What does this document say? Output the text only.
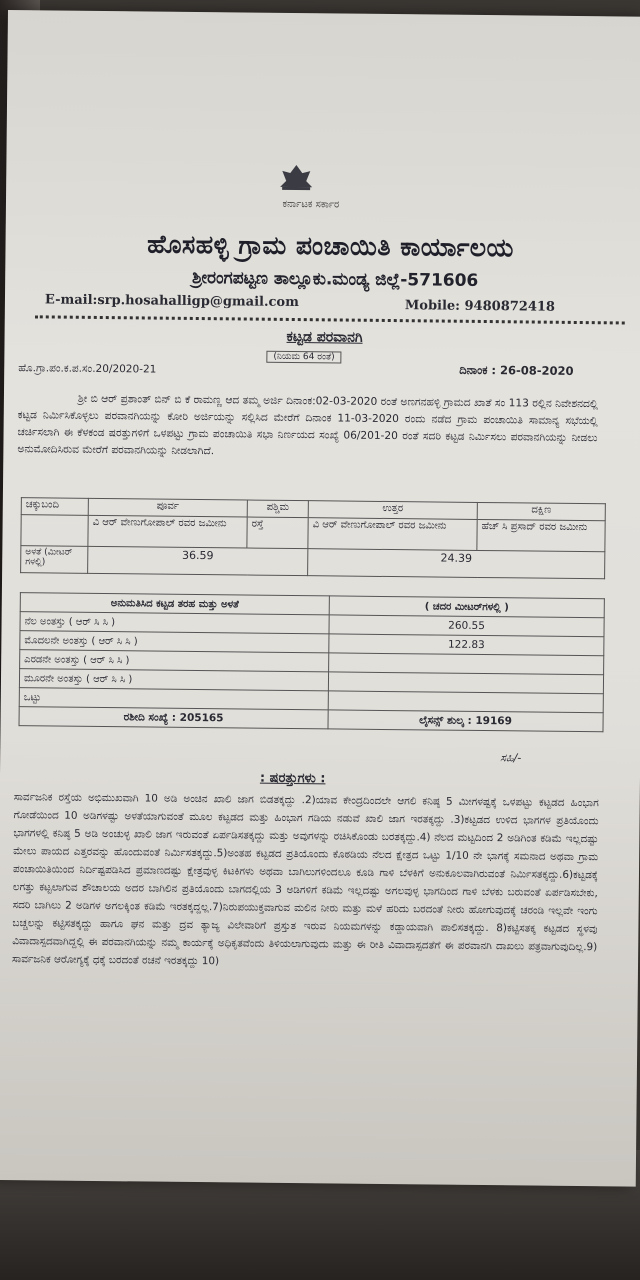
ಕರ್ನಾಟಕ ಸರ್ಕಾರ
ಹೊಸಹಳ್ಳಿ ಗ್ರಾಮ ಪಂಚಾಯಿತಿ ಕಾರ್ಯಾಲಯ
ಶ್ರೀರಂಗಪಟ್ಟಣ ತಾಲ್ಲೂಕು.ಮಂಡ್ಯ ಜಿಲ್ಲೆ-571606
E-mail:srp.hosahalligp@gmail.com	Mobile: 9480872418
ಕಟ್ಟಡ ಪರವಾನಗಿ
(ನಿಯಮ 64 ರಂತೆ)
ಹೊ.ಗ್ರಾ.ಪಂ.ಕ.ಪ.ಸಂ.20/2020-21	ದಿನಾಂಕ : 26-08-2020

ಶ್ರೀ ಬಿ ಆರ್ ಪ್ರಶಾಂತ್ ಬಿನ್ ಬಿ ಕೆ ರಾಮಣ್ಣ ಆದ ತಮ್ಮ ಅರ್ಜಿ ದಿನಾಂಕ:02-03-2020 ರಂತೆ ಅಣಗನಹಳ್ಳಿ ಗ್ರಾಮದ ಖಾತೆ ಸಂ 113 ರಲ್ಲಿನ ನಿವೇಶನದಲ್ಲಿ ಕಟ್ಟಡ ನಿರ್ಮಿಸಿಕೊಳ್ಳಲು ಪರವಾನಗಿಯನ್ನು ಕೋರಿ ಅರ್ಜಿಯನ್ನು ಸಲ್ಲಿಸಿದ ಮೇರೆಗೆ ದಿನಾಂಕ 11-03-2020 ರಂದು ನಡೆದ ಗ್ರಾಮ ಪಂಚಾಯಿತಿ ಸಾಮಾನ್ಯ ಸಭೆಯಲ್ಲಿ ಚರ್ಚಿಸಲಾಗಿ ಈ ಕೆಳಕಂಡ ಷರತ್ತುಗಳಿಗೆ ಒಳಪಟ್ಟು ಗ್ರಾಮ ಪಂಚಾಯಿತಿ ಸಭಾ ನಿರ್ಣಯದ ಸಂಖ್ಯೆ 06/201-20 ರಂತೆ ಸದರಿ ಕಟ್ಟಡ ನಿರ್ಮಿಸಲು ಪರವಾನಗಿಯನ್ನು ನೀಡಲು ಅನುಮೋದಿಸಿರುವ ಮೇರೆಗೆ ಪರವಾನಗಿಯನ್ನು ನೀಡಲಾಗಿದೆ.

ಚಕ್ಕುಬಂದಿ	ಪೂರ್ವ	ಪಶ್ಚಿಮ	ಉತ್ತರ	ದಕ್ಷಿಣ
	ವಿ ಆರ್ ವೇಣುಗೋಪಾಲ್ ರವರ ಜಮೀನು	ರಸ್ತೆ	ವಿ ಆರ್ ವೇಣುಗೋಪಾಲ್ ರವರ ಜಮೀನು	ಹೆಚ್ ಸಿ ಪ್ರಸಾದ್ ರವರ ಜಮೀನು
ಅಳತೆ (ಮೀಟರ್ ಗಳಲ್ಲಿ)	36.59		24.39	
ಅನುಮತಿಸಿದ ಕಟ್ಟಡ ತರಹ ಮತ್ತು ಅಳತೆ	( ಚದರ ಮೀಟರ್‌ಗಳಲ್ಲಿ )
ನೆಲ ಅಂತಸ್ತು ( ಆರ್ ಸಿ ಸಿ )	260.55
ಮೊದಲನೇ ಅಂತಸ್ತು ( ಆರ್ ಸಿ ಸಿ )	122.83
ಎರಡನೇ ಅಂತಸ್ತು ( ಆರ್ ಸಿ ಸಿ )	
ಮೂರನೇ ಅಂತಸ್ತು ( ಆರ್ ಸಿ ಸಿ )	
ಒಟ್ಟು	
ರಶೀದಿ ಸಂಖ್ಯೆ : 205165	ಲೈಸನ್ಸ್ ಶುಲ್ಕ : 19169
ಸಹಿ/-
: ಷರತ್ತುಗಳು :

ಸಾರ್ವಜನಿಕ ರಸ್ತೆಯ ಅಭಿಮುಖವಾಗಿ 10 ಅಡಿ ಅಂಚಿನ ಖಾಲಿ ಜಾಗ ಬಿಡತಕ್ಕದ್ದು .2)ಯಾವ ಕೇಂದ್ರದಿಂದಲೇ ಆಗಲಿ ಕನಿಷ್ಠ 5 ಮೀಗಳಷ್ಟಕ್ಕೆ ಒಳಪಟ್ಟು ಕಟ್ಟಡದ ಹಿಂಭಾಗ ಗೋಡೆಯಿಂದ 10 ಅಡಿಗಳಷ್ಟು ಅಳತೆಯಾಗುವಂತೆ ಮೂಲ ಕಟ್ಟಡದ ಮತ್ತು ಹಿಂಭಾಗ ಗಡಿಯ ನಡುವೆ ಖಾಲಿ ಜಾಗ ಇರತಕ್ಕದ್ದು .3)ಕಟ್ಟಡದ ಉಳಿದ ಭಾಗಗಳ ಪ್ರತಿಯೊಂದು ಭಾಗಗಳಲ್ಲಿ ಕನಿಷ್ಠ 5 ಅಡಿ ಅಂಚುಳ್ಳ ಖಾಲಿ ಜಾಗ ಇರುವಂತೆ ಏರ್ಪಡಿಸತಕ್ಕದ್ದು ಮತ್ತು ಅವುಗಳನ್ನು ರಚಿಸಿಕೊಂಡು ಬರತಕ್ಕದ್ದು.4) ನೆಲದ ಮಟ್ಟದಿಂದ 2 ಅಡಿಗಿಂತ ಕಡಿಮೆ ಇಲ್ಲದಷ್ಟು ಮೇಲು ಪಾಯದ ಎತ್ತರವನ್ನು ಹೊಂದುವಂತೆ ನಿರ್ಮಿಸತಕ್ಕದ್ದು.5)ಅಂತಹ ಕಟ್ಟಡದ ಪ್ರತಿಯೊಂದು ಕೊಠಡಿಯ ನೆಲದ ಕ್ಷೇತ್ರದ ಒಟ್ಟು 1/10 ನೇ ಭಾಗಕ್ಕೆ ಸಮನಾದ ಅಥವಾ ಗ್ರಾಮ ಪಂಚಾಯಿತಿಯಿಂದ ನಿರ್ದಿಷ್ಟಪಡಿಸಿದ ಪ್ರಮಾಣದಷ್ಟು ಕ್ಷೇತ್ರವುಳ್ಳ ಕಿಟಕಿಗಳು ಅಥವಾ ಬಾಗಿಲುಗಳಿಂದಲೂ ಕೂಡಿ ಗಾಳಿ ಬೆಳಕಿಗೆ ಅನುಕೂಲವಾಗಿರುವಂತೆ ನಿರ್ಮಿಸತಕ್ಕದ್ದು.6)ಕಟ್ಟಡಕ್ಕೆ ಲಗತ್ತು ಕಟ್ಟಲಾಗುವ ಶೌಚಾಲಯ ಅದರ ಬಾಗಿಲಿನ ಪ್ರತಿಯೊಂದು ಬಾಗದಲ್ಲಿಯ 3 ಅಡಿಗಳಿಗೆ ಕಡಿಮೆ ಇಲ್ಲದಷ್ಟು ಅಗಲವುಳ್ಳ ಭಾಗದಿಂದ ಗಾಳಿ ಬೆಳಕು ಬರುವಂತೆ ಏರ್ಪಡಿಸಬೇಕು, ಸದರಿ ಬಾಗಿಲು 2 ಅಡಿಗಳ ಅಗಲಕ್ಕಿಂತ ಕಡಿಮೆ ಇರತಕ್ಕದ್ದಲ್ಲ.7)ನಿರುಪಯುಕ್ತವಾಗುವ ಮಲಿನ ನೀರು ಮತ್ತು ಮಳೆ ಹರಿದು ಬರದಂತೆ ನೀರು ಹೋಗುವುದಕ್ಕೆ ಚರಂಡಿ ಇಲ್ಲವೇ ಇಂಗು ಬಚ್ಚಲನ್ನು ಕಟ್ಟಿಸತಕ್ಕದ್ದು ಹಾಗೂ ಘನ ಮತ್ತು ದ್ರವ ತ್ಯಾಜ್ಯ ವಿಲೇವಾರಿಗೆ ಪ್ರಸ್ತುತ ಇರುವ ನಿಯಮಗಳನ್ನು ಕಡ್ಡಾಯವಾಗಿ ಪಾಲಿಸತಕ್ಕದ್ದು. 8)ಕಟ್ಟಿಸತಕ್ಕ ಕಟ್ಟಡದ ಸ್ಥಳವು ವಿವಾದಾಸ್ಪದವಾಗಿದ್ದಲ್ಲಿ ಈ ಪರವಾನಗಿಯನ್ನು ನಮ್ಮ ಕಾರ್ಯಕ್ಕೆ ಅಧಿಕೃತವೆಂದು ತಿಳಿಯಲಾಗುವುದು ಮತ್ತು ಈ ರೀತಿ ವಿವಾದಾಸ್ಪದತೆಗೆ ಈ ಪರವಾನಗಿ ದಾಖಲು ಪತ್ರವಾಗುವುದಿಲ್ಲ.9) ಸಾರ್ವಜನಿಕ ಆರೋಗ್ಯಕ್ಕೆ ಧಕ್ಕೆ ಬರದಂತೆ ರಚನೆ ಇರತಕ್ಕದ್ದು 10)
